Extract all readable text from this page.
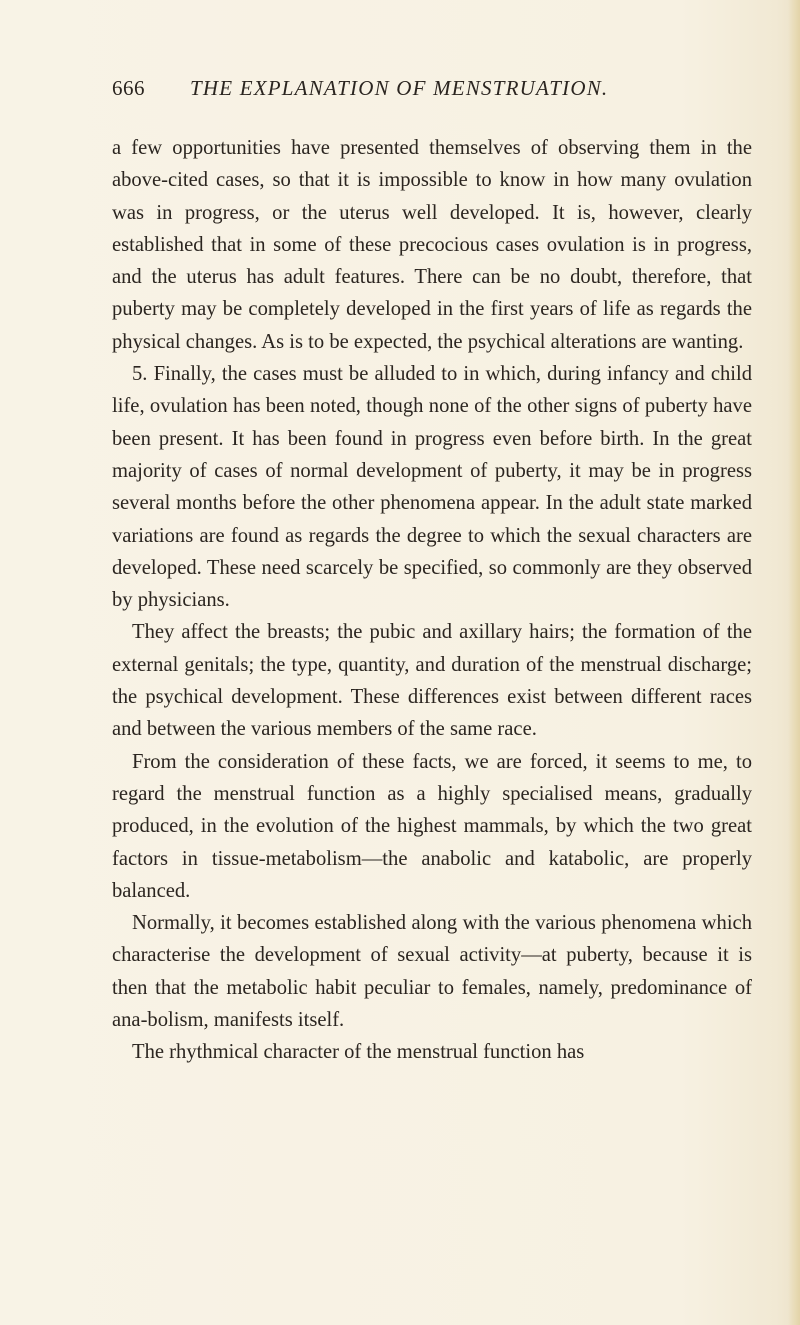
666 THE EXPLANATION OF MENSTRUATION.

a few opportunities have presented themselves of observing them in the above-cited cases, so that it is impossible to know in how many ovulation was in progress, or the uterus well developed. It is, however, clearly established that in some of these precocious cases ovulation is in progress, and the uterus has adult features. There can be no doubt, therefore, that puberty may be completely developed in the first years of life as regards the physical changes. As is to be expected, the psychical alterations are wanting.

5. Finally, the cases must be alluded to in which, during infancy and child life, ovulation has been noted, though none of the other signs of puberty have been present. It has been found in progress even before birth. In the great majority of cases of normal development of puberty, it may be in progress several months before the other phenomena appear. In the adult state marked variations are found as regards the degree to which the sexual characters are developed. These need scarcely be specified, so commonly are they observed by physicians.

They affect the breasts; the pubic and axillary hairs; the formation of the external genitals; the type, quantity, and duration of the menstrual discharge; the psychical development. These differences exist between different races and between the various members of the same race.

From the consideration of these facts, we are forced, it seems to me, to regard the menstrual function as a highly specialised means, gradually produced, in the evolution of the highest mammals, by which the two great factors in tissue-metabolism—the anabolic and katabolic, are properly balanced.

Normally, it becomes established along with the various phenomena which characterise the development of sexual activity—at puberty, because it is then that the metabolic habit peculiar to females, namely, predominance of ana-bolism, manifests itself.

The rhythmical character of the menstrual function has
